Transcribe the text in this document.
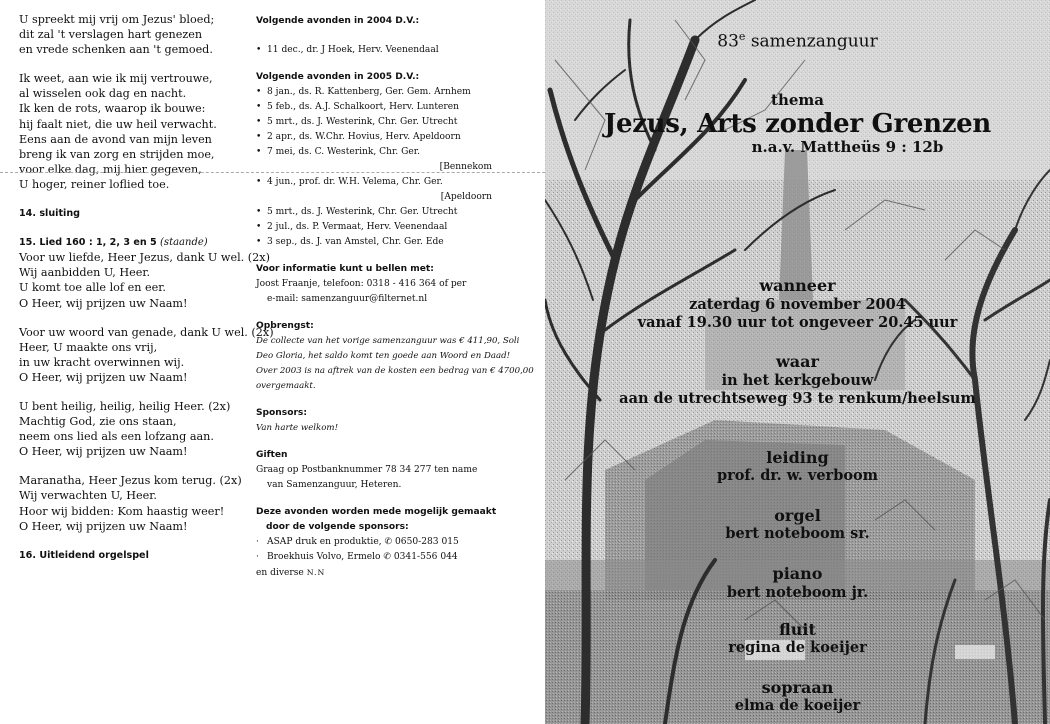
U spreekt mij vrij om Jezus' bloed;
dit zal 't verslagen hart genezen
en vrede schenken aan 't gemoed.
Ik weet, aan wie ik mij vertrouwe,
al wisselen ook dag en nacht.
Ik ken de rots, waarop ik bouwe:
hij faalt niet, die uw heil verwacht.
Eens aan de avond van mijn leven
breng ik van zorg en strijden moe,
voor elke dag, mij hier gegeven,
U hoger, reiner loflied toe.
14. sluiting
15. Lied 160 : 1, 2, 3 en 5 (staande)
Voor uw liefde, Heer Jezus, dank U wel. (2x)
Wij aanbidden U, Heer.
U komt toe alle lof en eer.
O Heer, wij prijzen uw Naam!
Voor uw woord van genade, dank U wel. (2x)
Heer, U maakte ons vrij,
in uw kracht overwinnen wij.
O Heer, wij prijzen uw Naam!
U bent heilig, heilig, heilig Heer. (2x)
Machtig God, zie ons staan,
neem ons lied als een lofzang aan.
O Heer, wij prijzen uw Naam!
Maranatha, Heer Jezus kom terug. (2x)
Wij verwachten U, Heer.
Hoor wij bidden: Kom haastig weer!
O Heer, wij prijzen uw Naam!
16. Uitleidend orgelspel
Volgende avonden in 2004 D.V.:
• 11 dec., dr. J Hoek, Herv. Veenendaal
Volgende avonden in 2005 D.V.:
• 8 jan., ds. R. Kattenberg, Ger. Gem. Arnhem
• 5 feb., ds. A.J. Schalkoort, Herv. Lunteren
• 5 mrt., ds. J. Westerink, Chr. Ger. Utrecht
• 2 apr., ds. W.Chr. Hovius, Herv. Apeldoorn
• 7 mei, ds. C. Westerink, Chr. Ger.
[Bennekom
• 4 jun., prof. dr. W.H. Velema, Chr. Ger.
[Apeldoorn
• 5 mrt., ds. J. Westerink, Chr. Ger. Utrecht
• 2 jul., ds. P. Vermaat, Herv. Veenendaal
• 3 sep., ds. J. van Amstel, Chr. Ger. Ede
Voor informatie kunt u bellen met:
Joost Fraanje, telefoon: 0318 - 416 364 of per
e-mail: samenzanguur@filternet.nl
Opbrengst:
De collecte van het vorige samenzanguur was € 411,90, Soli
Deo Gloria, het saldo komt ten goede aan Woord en Daad!
Over 2003 is na aftrek van de kosten een bedrag van € 4700,00
overgemaakt.
Sponsors:
Van harte welkom!
Giften
Graag op Postbanknummer 78 34 277 ten name
van Samenzanguur, Heteren.
Deze avonden worden mede mogelijk gemaakt
door de volgende sponsors:
· ASAP druk en produktie, ✆ 0650-283 015
· Broekhuis Volvo, Ermelo ✆ 0341-556 044
en diverse N.N
83e samenzanguur
thema
Jezus, Arts zonder Grenzen
n.a.v. Mattheüs 9 : 12b
wanneer
zaterdag 6 november 2004
vanaf 19.30 uur tot ongeveer 20.45 uur
waar
in het kerkgebouw
aan de utrechtseweg 93 te renkum/heelsum
leiding
prof. dr. w. verboom
orgel
bert noteboom sr.
piano
bert noteboom jr.
fluit
regina de koeijer
sopraan
elma de koeijer
